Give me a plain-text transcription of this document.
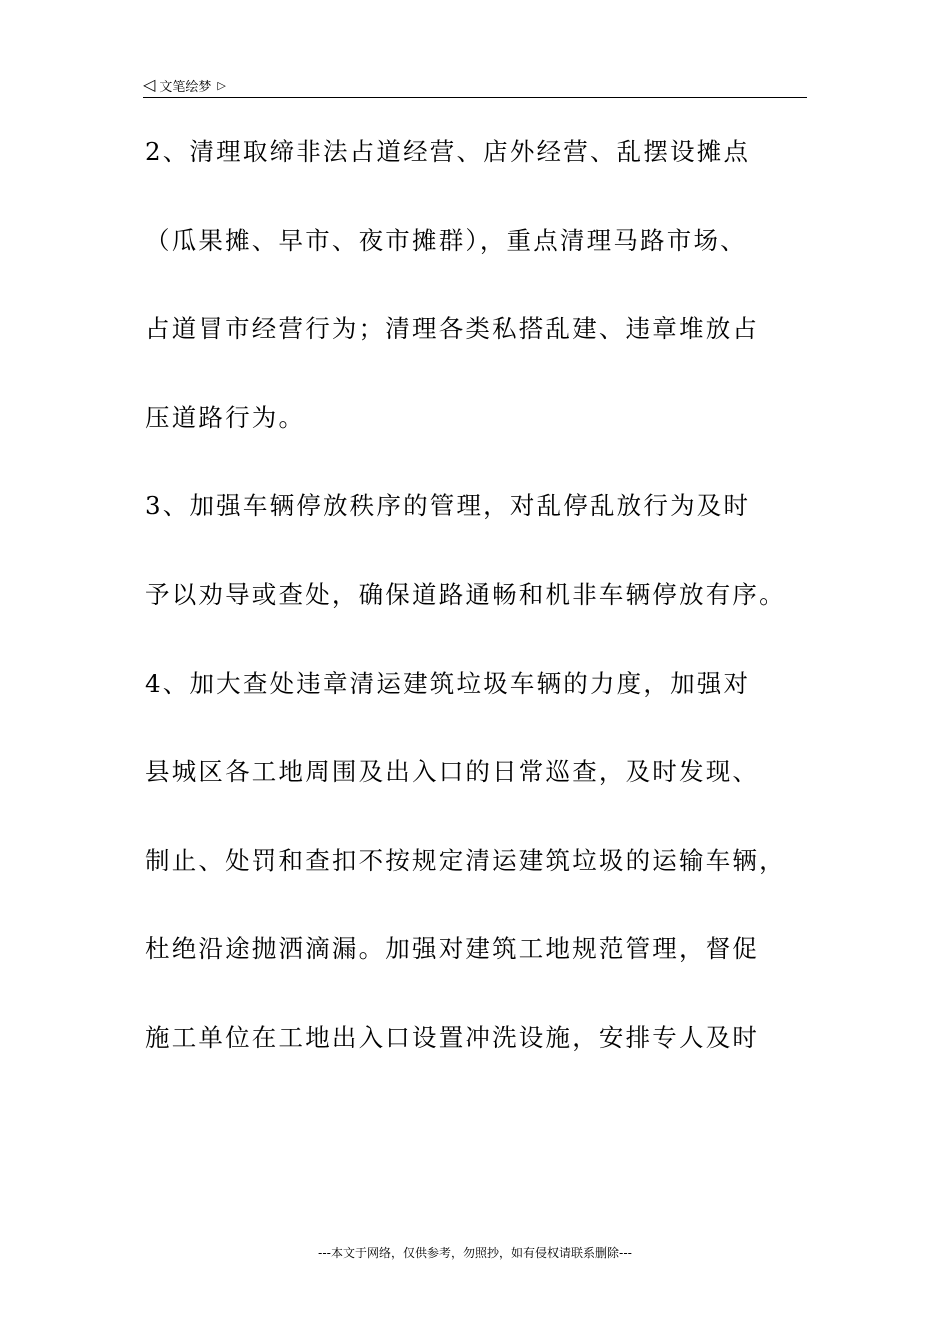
◁ 文笔绘梦 ▷
2、清理取缔非法占道经营、店外经营、乱摆设摊点
（瓜果摊、早市、夜市摊群），重点清理马路市场、
占道冒市经营行为；清理各类私搭乱建、违章堆放占
压道路行为。
3、加强车辆停放秩序的管理，对乱停乱放行为及时
予以劝导或查处，确保道路通畅和机非车辆停放有序。
4、加大查处违章清运建筑垃圾车辆的力度，加强对
县城区各工地周围及出入口的日常巡查，及时发现、
制止、处罚和查扣不按规定清运建筑垃圾的运输车辆，
杜绝沿途抛洒滴漏。加强对建筑工地规范管理，督促
施工单位在工地出入口设置冲洗设施，安排专人及时
---本文于网络，仅供参考，勿照抄，如有侵权请联系删除---
